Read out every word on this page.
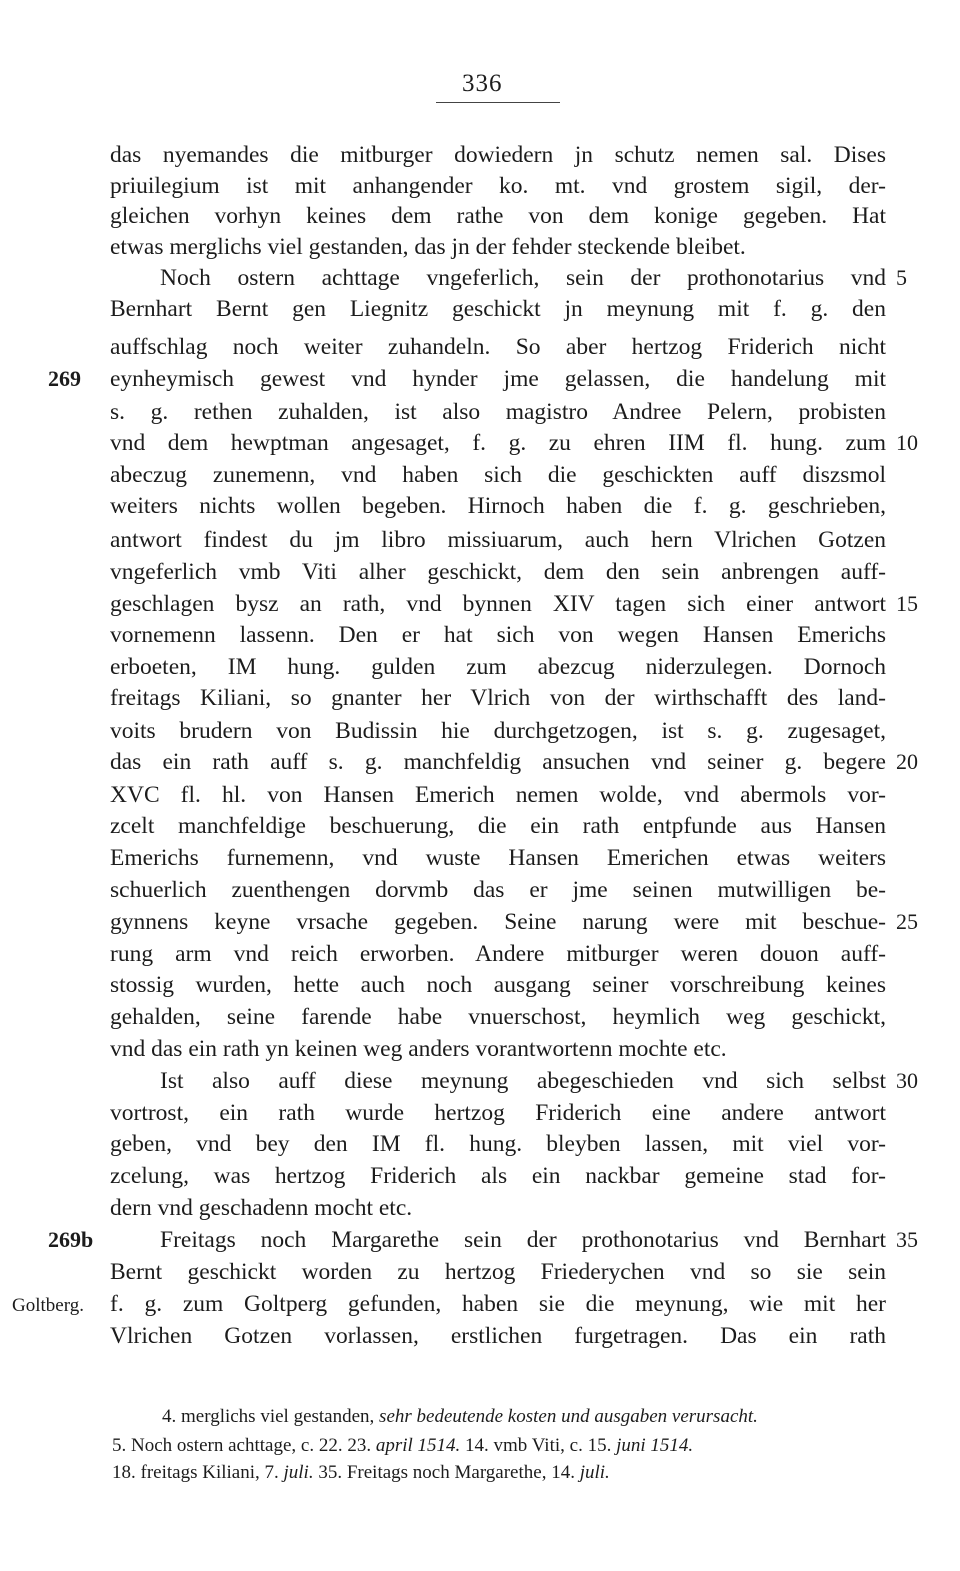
336
das nyemandes die mitburger dowiedern jn schutz nemen sal. Dises
priuilegium ist mit anhangender ko. mt. vnd grostem sigil, der-
gleichen vorhyn keines dem rathe von dem konige gegeben. Hat
etwas merglichs viel gestanden, das jn der fehder steckende bleibet.
Noch ostern achttage vngeferlich, sein der prothonotarius vnd
Bernhart Bernt gen Liegnitz geschickt jn meynung mit f. g. den
auffschlag noch weiter zuhandeln. So aber hertzog Friderich nicht
eynheymisch gewest vnd hynder jme gelassen, die handelung mit
s. g. rethen zuhalden, ist also magistro Andree Pelern, probisten
vnd dem hewptman angesaget, f. g. zu ehren IIM fl. hung. zum
abeczug zunemenn, vnd haben sich die geschickten auff diszsmol
weiters nichts wollen begeben. Hirnoch haben die f. g. geschrieben,
antwort findest du jm libro missiuarum, auch hern Vlrichen Gotzen
vngeferlich vmb Viti alher geschickt, dem den sein anbrengen auff-
geschlagen bysz an rath, vnd bynnen XIV tagen sich einer antwort
vornemenn lassenn. Den er hat sich von wegen Hansen Emerichs
erboeten, IM hung. gulden zum abezcug niderzulegen. Dornoch
freitags Kiliani, so gnanter her Vlrich von der wirthschafft des land-
voits brudern von Budissin hie durchgetzogen, ist s. g. zugesaget,
das ein rath auff s. g. manchfeldig ansuchen vnd seiner g. begere
XVC fl. hl. von Hansen Emerich nemen wolde, vnd abermols vor-
zcelt manchfeldige beschuerung, die ein rath entpfunde aus Hansen
Emerichs furnemenn, vnd wuste Hansen Emerichen etwas weiters
schuerlich zuenthengen dorvmb das er jme seinen mutwilligen be-
gynnens keyne vrsache gegeben. Seine narung were mit beschue-
rung arm vnd reich erworben. Andere mitburger weren douon auff-
stossig wurden, hette auch noch ausgang seiner vorschreibung keines
gehalden, seine farende habe vnuerschost, heymlich weg geschickt,
vnd das ein rath yn keinen weg anders vorantwortenn mochte etc.
Ist also auff diese meynung abegeschieden vnd sich selbst
vortrost, ein rath wurde hertzog Friderich eine andere antwort
geben, vnd bey den IM fl. hung. bleyben lassen, mit viel vor-
zcelung, was hertzog Friderich als ein nackbar gemeine stad for-
dern vnd geschadenn mocht etc.
Freitags noch Margarethe sein der prothonotarius vnd Bernhart
Bernt geschickt worden zu hertzog Friederychen vnd so sie sein
f. g. zum Goltperg gefunden, haben sie die meynung, wie mit her
Vlrichen Gotzen vorlassen, erstlichen furgetragen. Das ein rath
5
10
15
20
25
30
35
269
269b
Goltberg.
4. merglichs viel gestanden, sehr bedeutende kosten und ausgaben verursacht.
5. Noch ostern achttage, c. 22. 23. april 1514. 14. vmb Viti, c. 15. juni 1514.
18. freitags Kiliani, 7. juli. 35. Freitags noch Margarethe, 14. juli.
